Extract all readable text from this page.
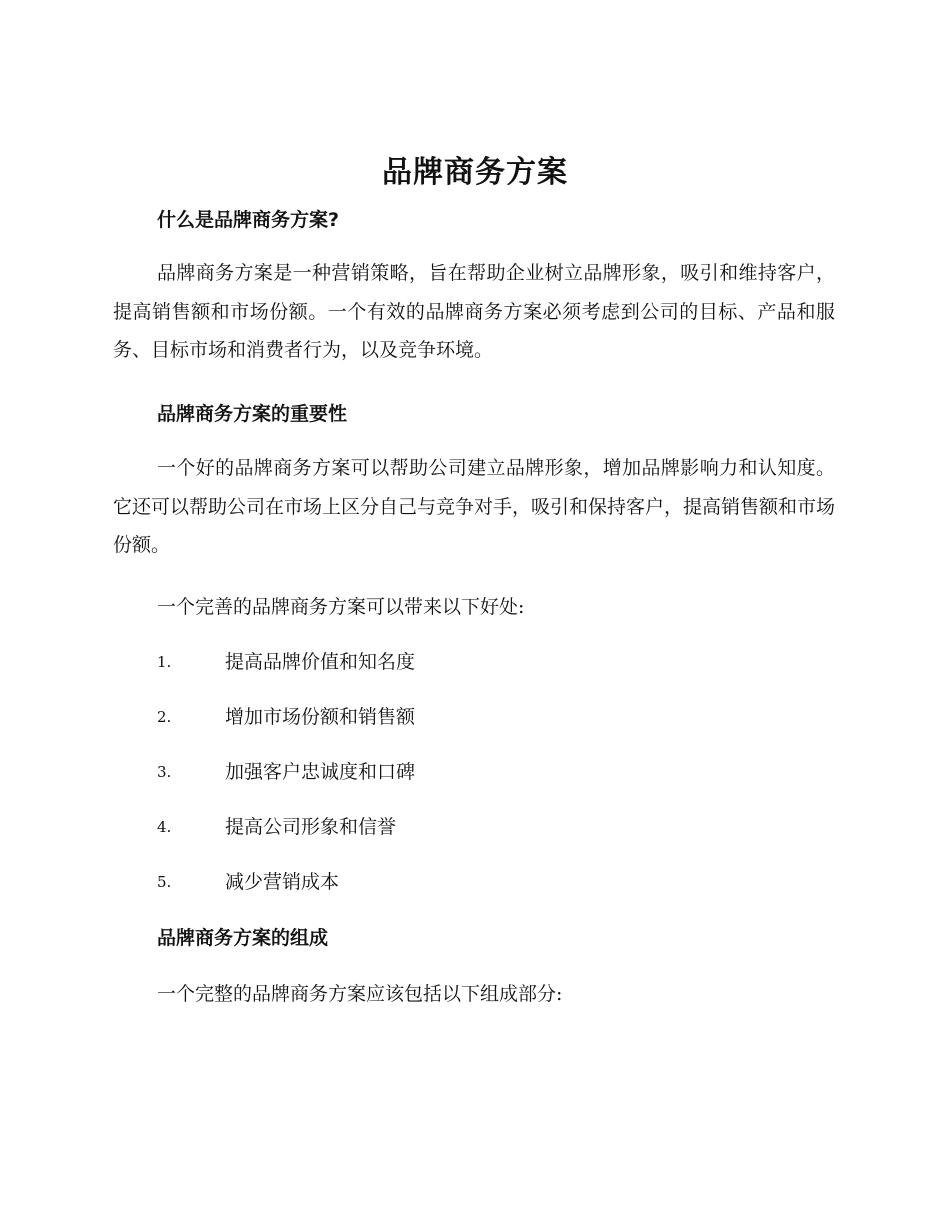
品牌商务方案
什么是品牌商务方案?
品牌商务方案是一种营销策略，旨在帮助企业树立品牌形象，吸引和维持客户，提高销售额和市场份额。一个有效的品牌商务方案必须考虑到公司的目标、产品和服务、目标市场和消费者行为，以及竞争环境。
品牌商务方案的重要性
一个好的品牌商务方案可以帮助公司建立品牌形象，增加品牌影响力和认知度。它还可以帮助公司在市场上区分自己与竞争对手，吸引和保持客户，提高销售额和市场份额。
一个完善的品牌商务方案可以带来以下好处:
1.	提高品牌价值和知名度
2.	增加市场份额和销售额
3.	加强客户忠诚度和口碑
4.	提高公司形象和信誉
5.	减少营销成本
品牌商务方案的组成
一个完整的品牌商务方案应该包括以下组成部分:
